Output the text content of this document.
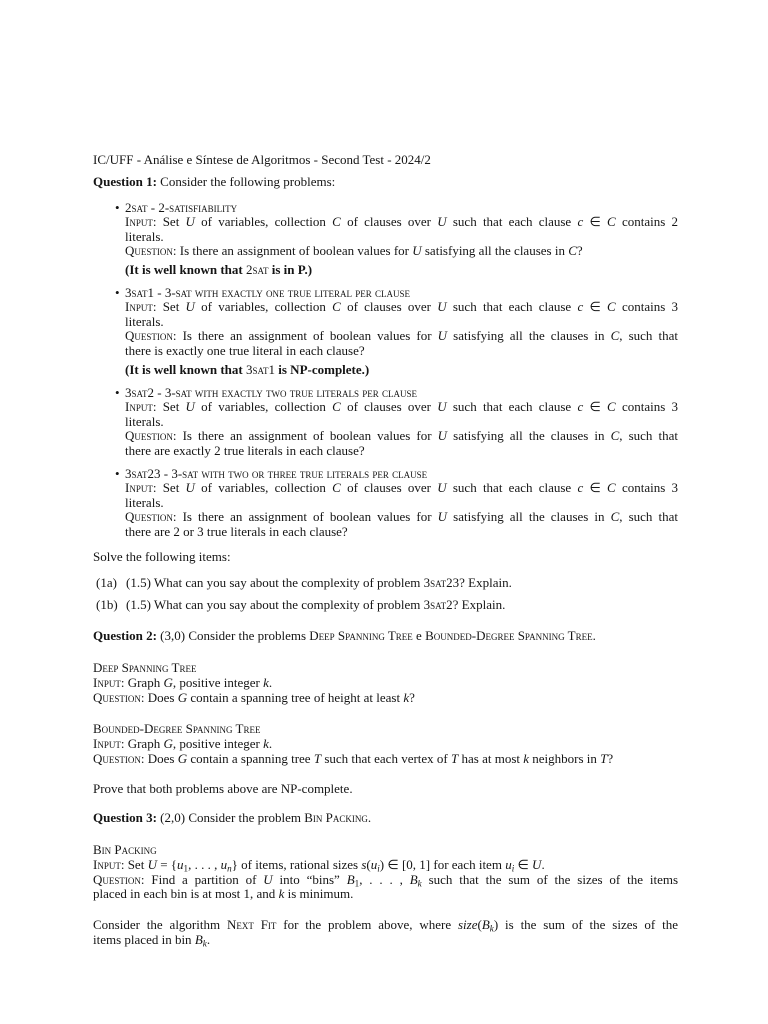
IC/UFF - Análise e Síntese de Algoritmos - Second Test - 2024/2
Question 1: Consider the following problems:
•
2sat - 2-satisfiability
Input: Set U of variables, collection C of clauses over U such that each clause c ∈ C contains 2
literals.
Question: Is there an assignment of boolean values for U satisfying all the clauses in C?
(It is well known that 2sat is in P.)
•
3sat1 - 3-sat with exactly one true literal per clause
Input: Set U of variables, collection C of clauses over U such that each clause c ∈ C contains 3
literals.
Question: Is there an assignment of boolean values for U satisfying all the clauses in C, such that
there is exactly one true literal in each clause?
(It is well known that 3sat1 is NP-complete.)
•
3sat2 - 3-sat with exactly two true literals per clause
Input: Set U of variables, collection C of clauses over U such that each clause c ∈ C contains 3
literals.
Question: Is there an assignment of boolean values for U satisfying all the clauses in C, such that
there are exactly 2 true literals in each clause?
•
3sat23 - 3-sat with two or three true literals per clause
Input: Set U of variables, collection C of clauses over U such that each clause c ∈ C contains 3
literals.
Question: Is there an assignment of boolean values for U satisfying all the clauses in C, such that
there are 2 or 3 true literals in each clause?
Solve the following items:
(1a) (1.5) What can you say about the complexity of problem 3sat23? Explain.
(1b) (1.5) What can you say about the complexity of problem 3sat2? Explain.
Question 2: (3,0) Consider the problems Deep Spanning Tree e Bounded-Degree Spanning Tree.
Deep Spanning Tree
Input: Graph G, positive integer k.
Question: Does G contain a spanning tree of height at least k?
Bounded-Degree Spanning Tree
Input: Graph G, positive integer k.
Question: Does G contain a spanning tree T such that each vertex of T has at most k neighbors in T?
Prove that both problems above are NP-complete.
Question 3: (2,0) Consider the problem Bin Packing.
Bin Packing
Input: Set $U = \{u_1$, . . . , $u_n$} of items, rational sizes $s(u_i)$ ∈ [0, 1] for each item $u_i$ ∈ U.
Question: Find a partition of U into “bins” $B_1$, . . . , $B_k$ such that the sum of the sizes of the items
placed in each bin is at most 1, and k is minimum.
Consider the algorithm Next Fit for the problem above, where $size(B_k)$ is the sum of the sizes of the
items placed in bin $B_k$.
